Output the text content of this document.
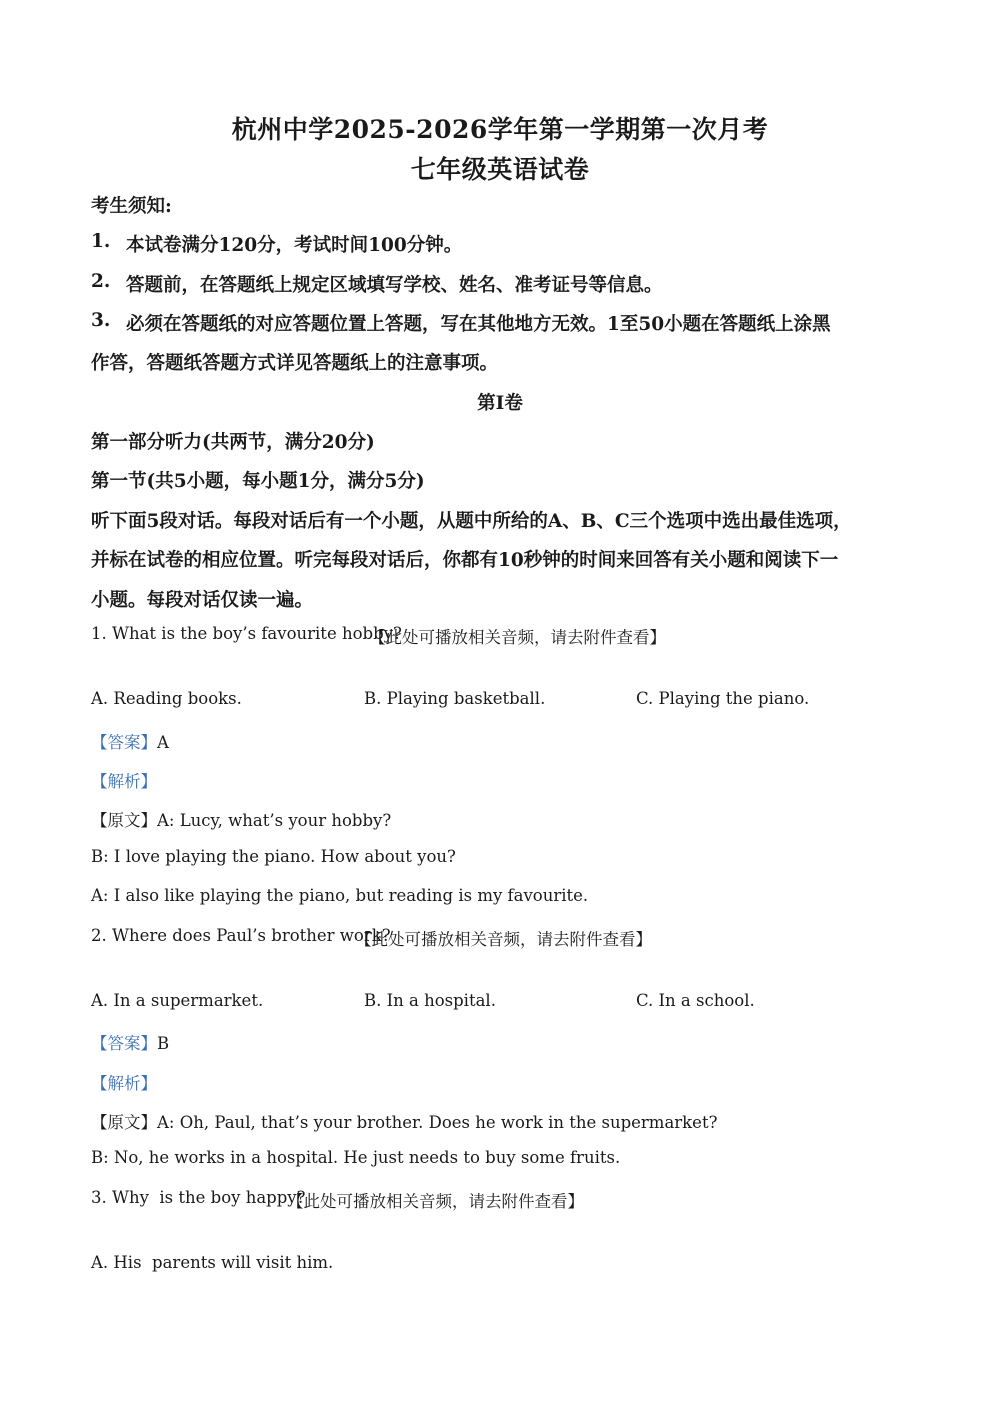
杭州中学2025-2026学年第一学期第一次月考
七年级英语试卷
考生须知:
1. 本试卷满分120分，考试时间100分钟。
2. 答题前，在答题纸上规定区域填写学校、姓名、准考证号等信息。
3. 必须在答题纸的对应答题位置上答题，写在其他地方无效。1至50小题在答题纸上涂黑
作答，答题纸答题方式详见答题纸上的注意事项。
第I卷
第一部分听力(共两节，满分20分)
第一节(共5小题，每小题1分，满分5分)
听下面5段对话。每段对话后有一个小题，从题中所给的A、B、C三个选项中选出最佳选项，
并标在试卷的相应位置。听完每段对话后，你都有10秒钟的时间来回答有关小题和阅读下一
小题。每段对话仅读一遍。
1. What is the boy’s favourite hobby?
【此处可播放相关音频，请去附件查看】
A. Reading books.	B. Playing basketball.	C. Playing the piano.
【答案】A
【解析】
【原文】A: Lucy, what’s your hobby?
B: I love playing the piano. How about you?
A: I also like playing the piano, but reading is my favourite.
2. Where does Paul’s brother work?
【此处可播放相关音频，请去附件查看】
A. In a supermarket.	B. In a hospital.	C. In a school.
【答案】B
【解析】
【原文】A: Oh, Paul, that’s your brother. Does he work in the supermarket?
B: No, he works in a hospital. He just needs to buy some fruits.
3. Why  is the boy happy?
【此处可播放相关音频，请去附件查看】
A. His  parents will visit him.
